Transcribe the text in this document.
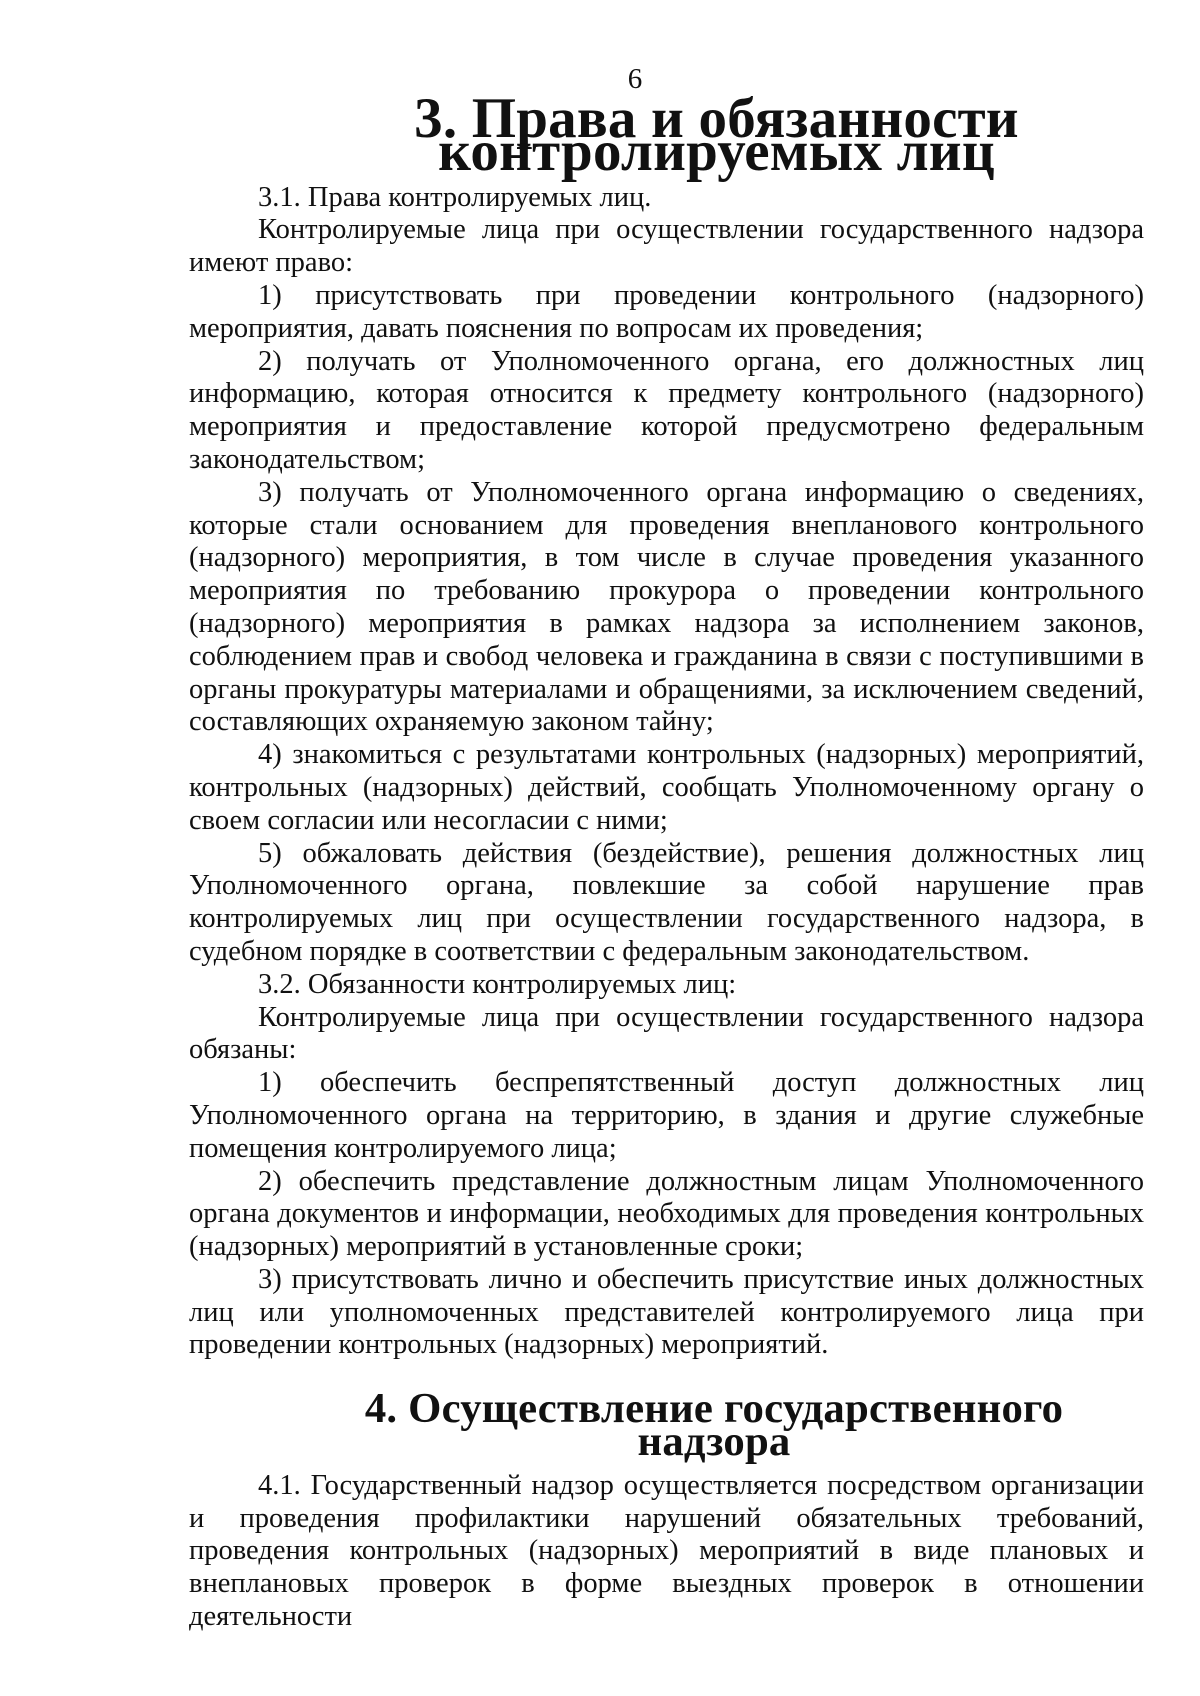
6
3. Права и обязанности контролируемых лиц

3.1. Права контролируемых лиц.

Контролируемые лица при осуществлении государственного надзора имеют право:

1) присутствовать при проведении контрольного (надзорного) мероприятия, давать пояснения по вопросам их проведения;

2) получать от Уполномоченного органа, его должностных лиц информацию, которая относится к предмету контрольного (надзорного) мероприятия и предоставление которой предусмотрено федеральным законодательством;

3) получать от Уполномоченного органа информацию о сведениях, которые стали основанием для проведения внепланового контрольного (надзорного) мероприятия, в том числе в случае проведения указанного мероприятия по требованию прокурора о проведении контрольного (надзорного) мероприятия в рамках надзора за исполнением законов, соблюдением прав и свобод человека и гражданина в связи с поступившими в органы прокуратуры материалами и обращениями, за исключением сведений, составляющих охраняемую законом тайну;

4) знакомиться с результатами контрольных (надзорных) мероприятий, контрольных (надзорных) действий, сообщать Уполномоченному органу о своем согласии или несогласии с ними;

5) обжаловать действия (бездействие), решения должностных лиц Уполномоченного органа, повлекшие за собой нарушение прав контролируемых лиц при осуществлении государственного надзора, в судебном порядке в соответствии с федеральным законодательством.

3.2. Обязанности контролируемых лиц:

Контролируемые лица при осуществлении государственного надзора обязаны:

1) обеспечить беспрепятственный доступ должностных лиц Уполномоченного органа на территорию, в здания и другие служебные помещения контролируемого лица;

2) обеспечить представление должностным лицам Уполномоченного органа документов и информации, необходимых для проведения контрольных (надзорных) мероприятий в установленные сроки;

3) присутствовать лично и обеспечить присутствие иных должностных лиц или уполномоченных представителей контролируемого лица при проведении контрольных (надзорных) мероприятий.

4. Осуществление государственного надзора

4.1. Государственный надзор осуществляется посредством организации и проведения профилактики нарушений обязательных требований, проведения контрольных (надзорных) мероприятий в виде плановых и внеплановых проверок в форме выездных проверок в отношении деятельности
